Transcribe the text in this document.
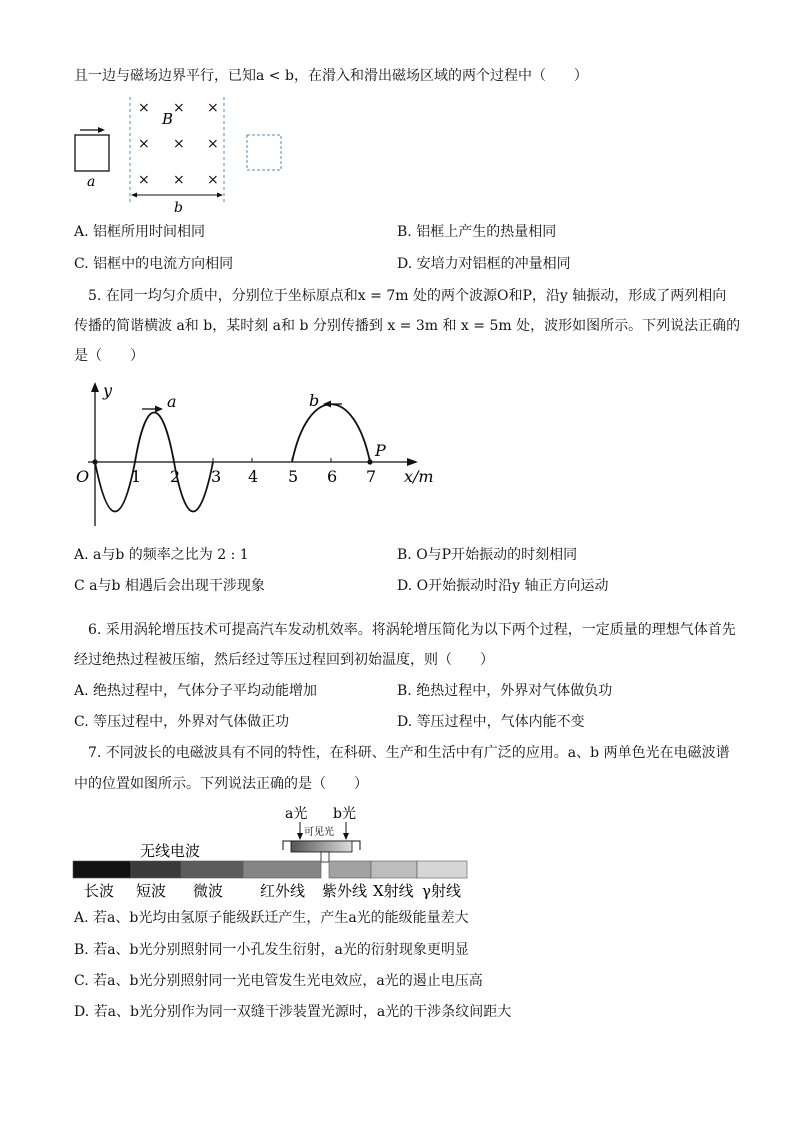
且一边与磁场边界平行，已知a < b，在滑入和滑出磁场区域的两个过程中（　　）
a
× × ×
B
× × ×
× × ×
b
A. 铝框所用时间相同	B. 铝框上产生的热量相同
C. 铝框中的电流方向相同	D. 安培力对铝框的冲量相同
5. 在同一均匀介质中，分别位于坐标原点和x = 7m 处的两个波源O和P，沿y 轴振动，形成了两列相向
传播的简谐横波 a和 b，某时刻 a和 b 分别传播到 x = 3m 和 x = 5m 处，波形如图所示。下列说法正确的
是（　　）
y
x/m
O	1 2 3 4 5 6 7
a
P
b
A. a与b 的频率之比为 2 : 1	B. O与P开始振动的时刻相同
C a与b 相遇后会出现干涉现象	D. O开始振动时沿y 轴正方向运动
6. 采用涡轮增压技术可提高汽车发动机效率。将涡轮增压简化为以下两个过程，一定质量的理想气体首先
经过绝热过程被压缩，然后经过等压过程回到初始温度，则（　　）
A. 绝热过程中，气体分子平均动能增加	B. 绝热过程中，外界对气体做负功
C. 等压过程中，外界对气体做正功	D. 等压过程中，气体内能不变
7. 不同波长的电磁波具有不同的特性，在科研、生产和生活中有广泛的应用。a、b 两单色光在电磁波谱
中的位置如图所示。下列说法正确的是（　　）
a光 b光
可见光
无线电波
长波 短波 微波 红外线 紫外线 X射线 γ射线
A. 若a、b光均由氢原子能级跃迁产生，产生a光的能级能量差大
B. 若a、b光分别照射同一小孔发生衍射，a光的衍射现象更明显
C. 若a、b光分别照射同一光电管发生光电效应，a光的遏止电压高
D. 若a、b光分别作为同一双缝干涉装置光源时，a光的干涉条纹间距大
